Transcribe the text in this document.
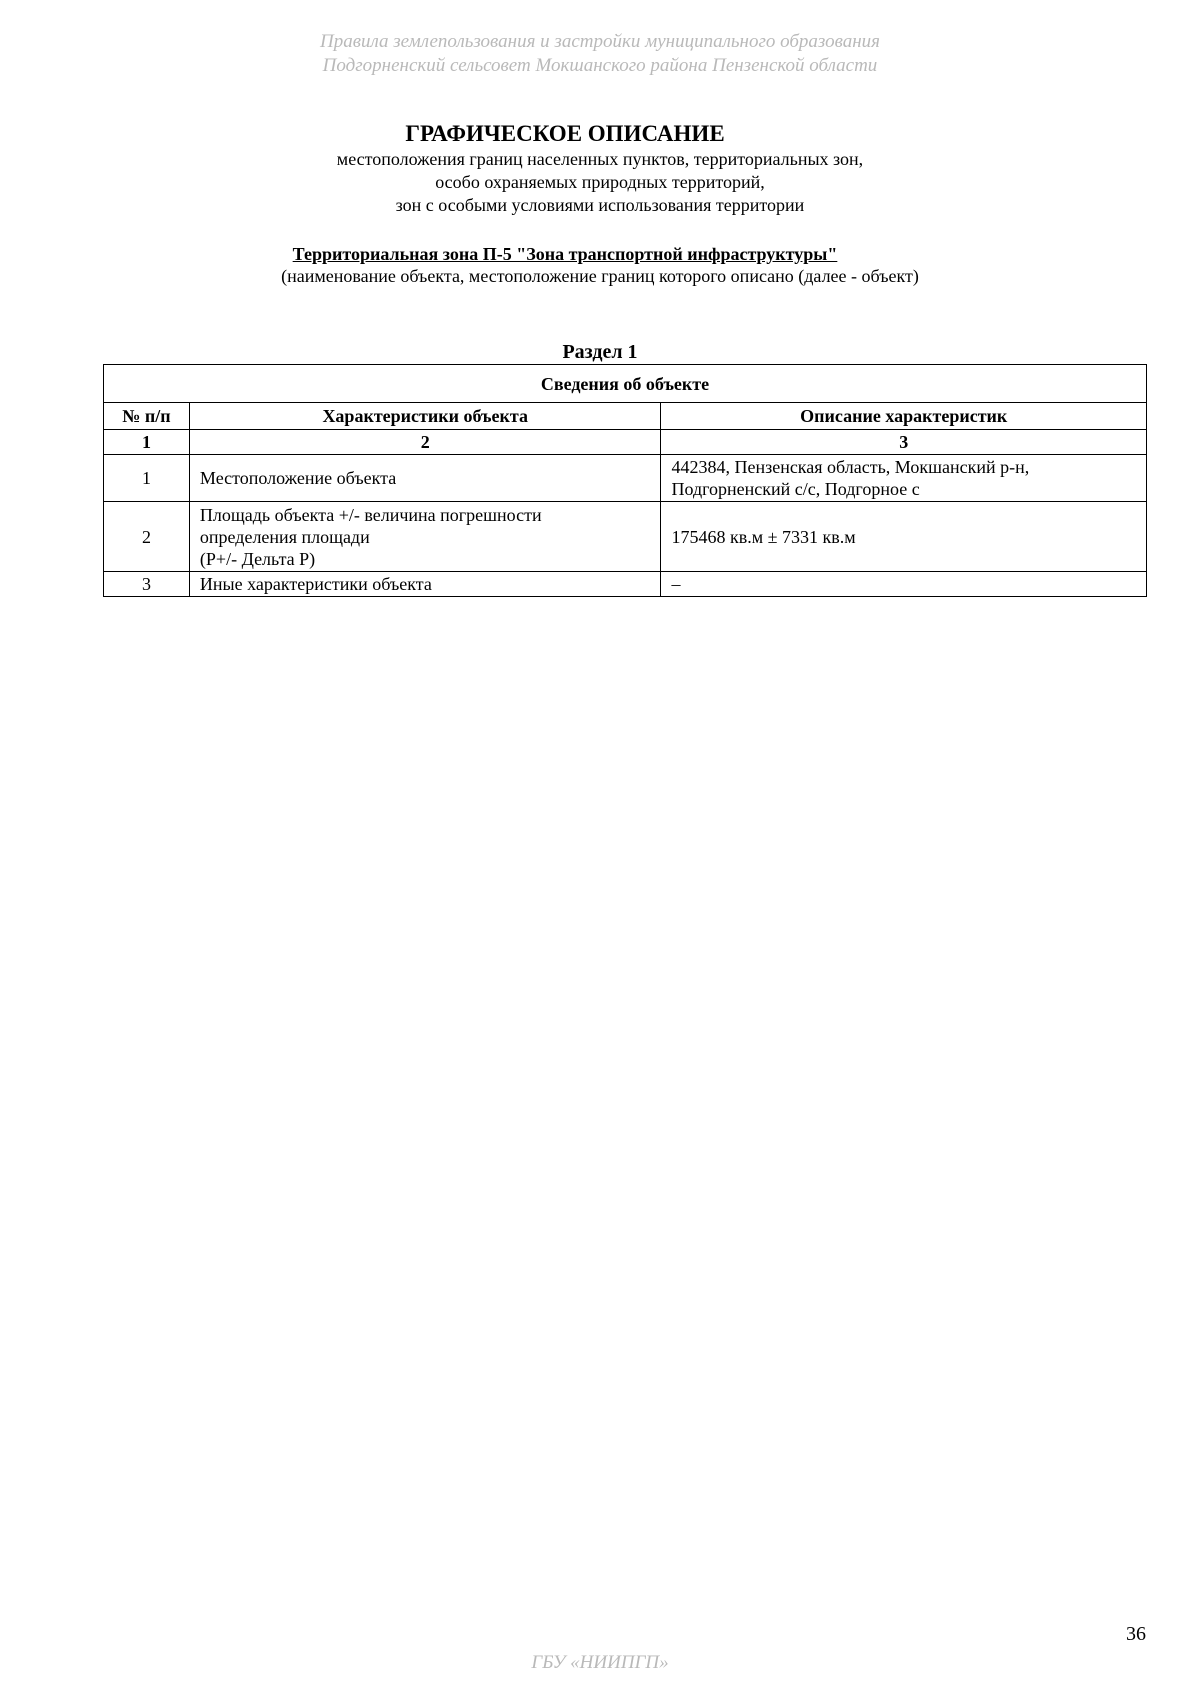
Правила землепользования и застройки муниципального образования
Подгорненский сельсовет Мокшанского района Пензенской области
ГРАФИЧЕСКОЕ ОПИСАНИЕ
местоположения границ населенных пунктов, территориальных зон,
особо охраняемых природных территорий,
зон с особыми условиями использования территории
Территориальная зона П-5 "Зона транспортной инфраструктуры"
(наименование объекта, местоположение границ которого описано (далее - объект)
Раздел 1
Сведения об объекте		
№ п/п	Характеристики объекта	Описание характеристик
1	2	3
1	Местоположение объекта	442384, Пензенская область, Мокшанский р-н,
Подгорненский с/с, Подгорное с

2	Площадь объекта +/- величина погрешности
определения площади
(Р+/- Дельта Р)	175468 кв.м ± 7331 кв.м

3	Иные характеристики объекта	–
36
ГБУ «НИИПГП»
